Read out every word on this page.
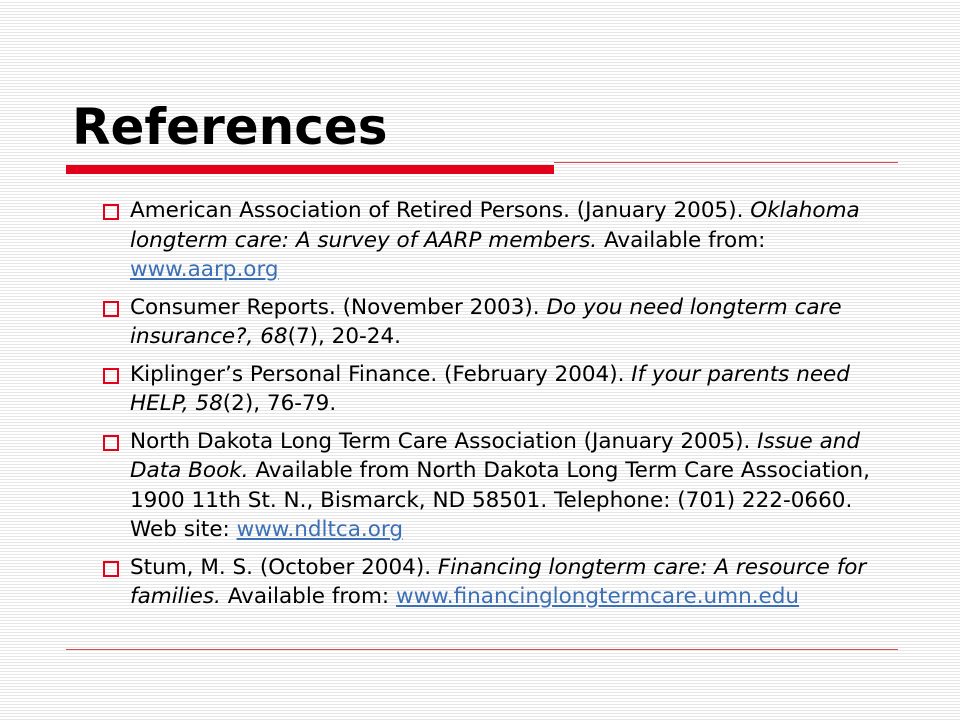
References
American Association of Retired Persons. (January 2005). Oklahoma longterm care: A survey of AARP members. Available from: www.aarp.org
Consumer Reports. (November 2003). Do you need longterm care insurance?, 68(7), 20-24.
Kiplinger’s Personal Finance. (February 2004). If your parents need HELP, 58(2), 76-79.
North Dakota Long Term Care Association (January 2005). Issue and Data Book. Available from North Dakota Long Term Care Association, 1900 11th St. N., Bismarck, ND 58501. Telephone: (701) 222-0660. Web site: www.ndltca.org
Stum, M. S. (October 2004). Financing longterm care: A resource for families. Available from: www.financinglongtermcare.umn.edu
